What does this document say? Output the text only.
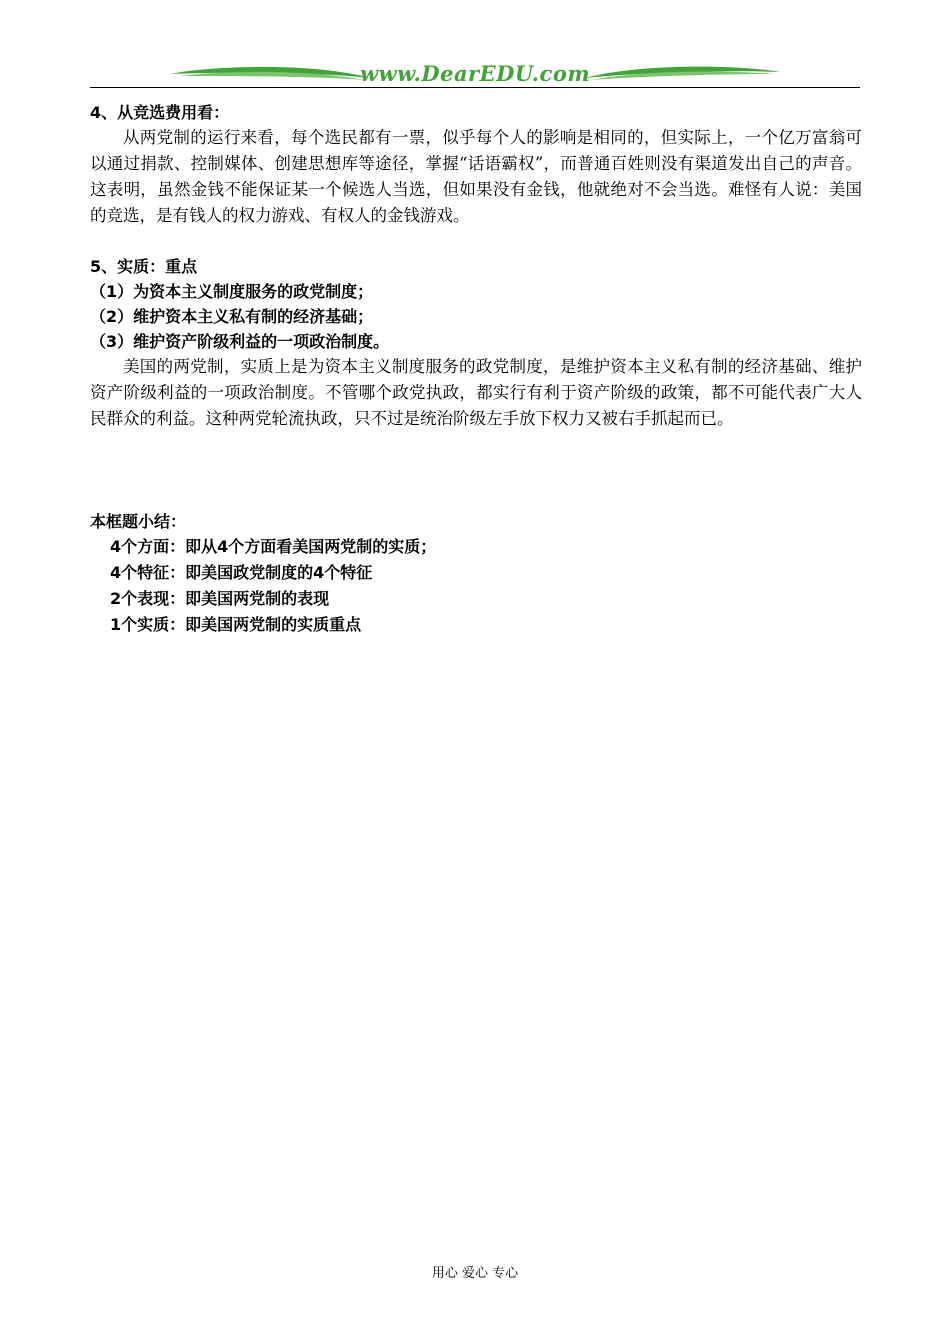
www.DearEDU.com
4、从竞选费用看：

从两党制的运行来看，每个选民都有一票，似乎每个人的影响是相同的，但实际上，一个亿万富翁可以通过捐款、控制媒体、创建思想库等途径，掌握“话语霸权”，而普通百姓则没有渠道发出自己的声音。这表明，虽然金钱不能保证某一个候选人当选，但如果没有金钱，他就绝对不会当选。难怪有人说：美国的竞选，是有钱人的权力游戏、有权人的金钱游戏。

5、实质：重点
（1）为资本主义制度服务的政党制度；
（2）维护资本主义私有制的经济基础；
（3）维护资产阶级利益的一项政治制度。

美国的两党制，实质上是为资本主义制度服务的政党制度，是维护资本主义私有制的经济基础、维护资产阶级利益的一项政治制度。不管哪个政党执政，都实行有利于资产阶级的政策，都不可能代表广大人民群众的利益。这种两党轮流执政，只不过是统治阶级左手放下权力又被右手抓起而已。

本框题小结：
4个方面：即从4个方面看美国两党制的实质；
4个特征：即美国政党制度的4个特征
2个表现：即美国两党制的表现
1个实质：即美国两党制的实质重点
用心 爱心 专心
